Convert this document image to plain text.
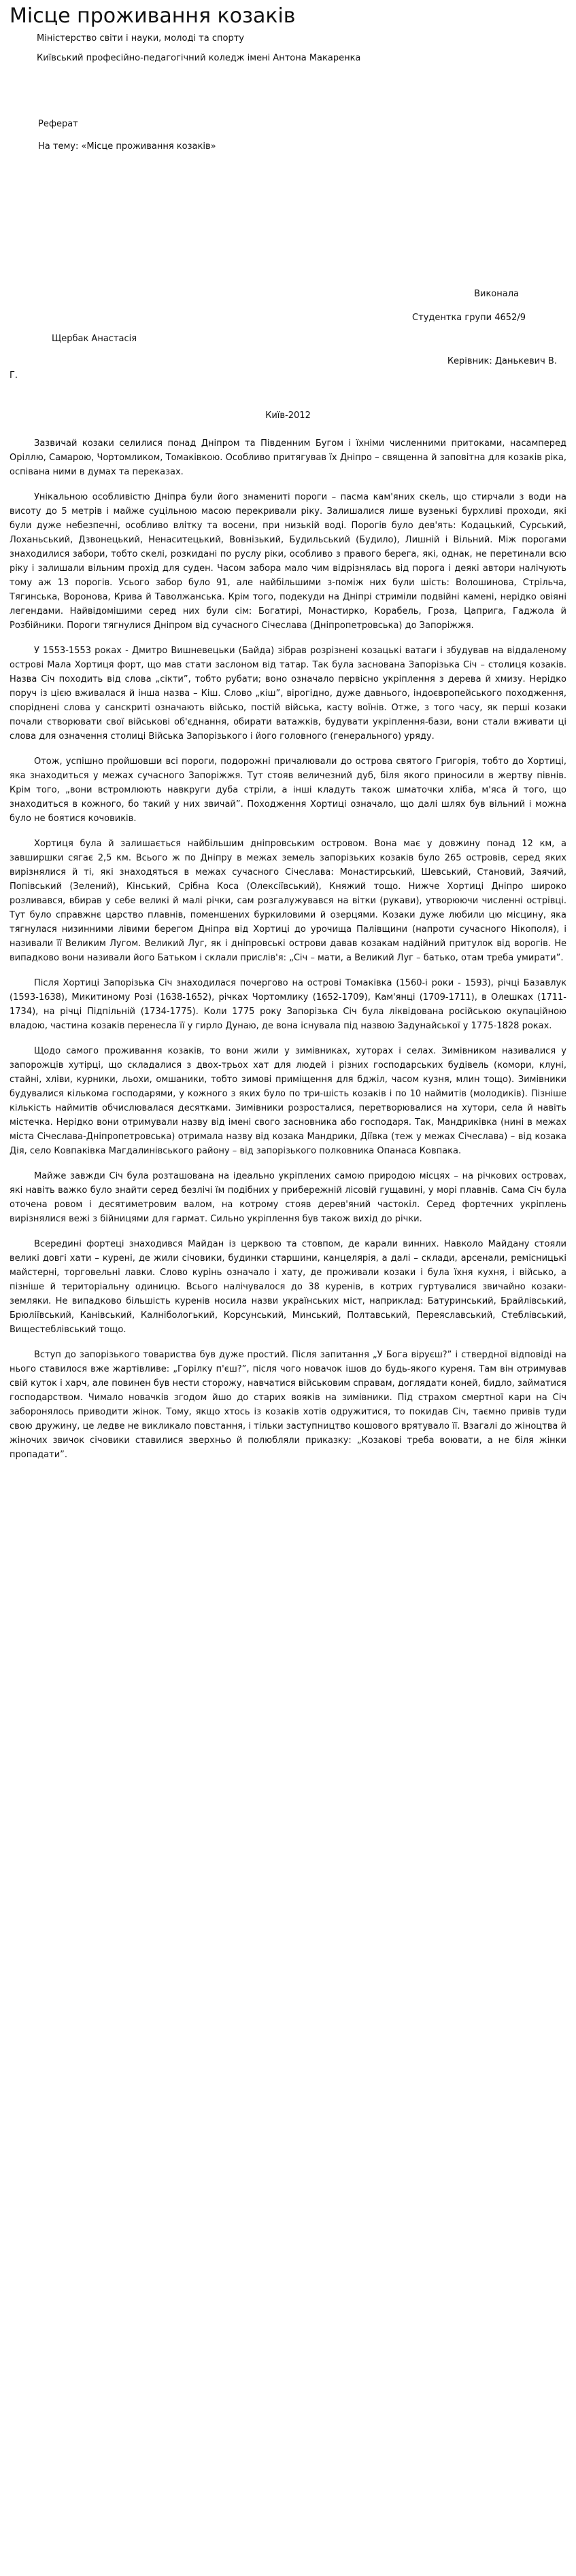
Місце проживання козаків
Міністерство світи і науки, молоді та спорту
Київський професійно-педагогічний коледж імені Антона Макаренка
Реферат
На тему: «Місце проживання козаків»
Виконала
Студентка групи 4652/9
Щербак Анастасія
Керівник: Данькевич В.
Г.
Київ-2012

Зазвичай козаки селилися понад Дніпром та Південним Бугом і їхніми численними притоками, насамперед Оріллю, Самарою, Чортомликом, Томаківкою. Особливо притягував їх Дніпро – священна й заповітна для козаків ріка, оспівана ними в думах та переказах.

Унікальною особливістю Дніпра були його знамениті пороги – пасма кам'яних скель, що стирчали з води на висоту до 5 метрів і майже суцільною масою перекривали ріку. Залишалися лише вузенькі бурхливі проходи, які були дуже небезпечні, особливо влітку та восени, при низькій воді. Порогів було дев'ять: Кодацький, Сурський, Лоханьський, Дзвонецький, Ненаситецький, Вовнізький, Будильський (Будило), Лишній і Вільний. Між порогами знаходилися забори, тобто скелі, розкидані по руслу ріки, особливо з правого берега, які, однак, не перетинали всю ріку і залишали вільним прохід для суден. Часом забора мало чим відрізнялась від порога і деякі автори налічують тому аж 13 порогів. Усього забор було 91, але найбільшими з-поміж них були шість: Волошинова, Стрільча, Тягинська, Воронова, Крива й Таволжанська. Крім того, подекуди на Дніпрі стриміли подвійні камені, нерідко овіяні легендами. Найвідомішими серед них були сім: Богатирі, Монастирко, Корабель, Гроза, Цаприга, Гаджола й Розбійники. Пороги тягнулися Дніпром від сучасного Січеслава (Дніпропетровська) до Запоріжжя.

У 1553-1553 роках - Дмитро Вишневецьки (Байда) зібрав розрізнені козацькі ватаги і збудував на віддаленому острові Мала Хортиця форт, що мав стати заслоном від татар. Так була заснована Запорізька Січ – столиця козаків. Назва Січ походить від слова „сікти”, тобто рубати; воно означало первісно укріплення з дерева й хмизу. Нерідко поруч із цією вживалася й інша назва – Кіш. Слово „кіш”, вірогідно, дуже давнього, індоєвропейського походження, споріднені слова у санскриті означають військо, постій війська, касту воїнів. Отже, з того часу, як перші козаки почали створювати свої військові об'єднання, обирати ватажків, будувати укріплення-бази, вони стали вживати ці слова для означення столиці Війська Запорізького і його головного (генерального) уряду.

Отож, успішно пройшовши всі пороги, подорожні причалювали до острова святого Григорія, тобто до Хортиці, яка знаходиться у межах сучасного Запоріжжя. Тут стояв величезний дуб, біля якого приносили в жертву півнів. Крім того, „вони встромлюють навкруги дуба стріли, а інші кладуть також шматочки хліба, м'яса й того, що знаходиться в кожного, бо такий у них звичай”. Походження Хортиці означало, що далі шлях був вільний і можна було не боятися кочовиків.

Хортиця була й залишається найбільшим дніпровським островом. Вона має у довжину понад 12 км, а завширшки сягає 2,5 км. Всього ж по Дніпру в межах земель запорізьких козаків було 265 островів, серед яких вирізнялися й ті, які знаходяться в межах сучасного Січеслава: Монастирський, Шевський, Становий, Заячий, Попівський (Зелений), Кінський, Срібна Коса (Олексіївський), Княжий тощо. Нижче Хортиці Дніпро широко розливався, вбирав у себе великі й малі річки, сам розгалужувався на вітки (рукави), утворюючи численні острівці. Тут було справжнє царство плавнів, поменшених буркиловими й озерцями. Козаки дуже любили цю місцину, яка тягнулася низинними лівими берегом Дніпра від Хортиці до урочища Палівщини (напроти сучасного Нікополя), і називали її Великим Лугом. Великий Луг, як і дніпровські острови давав козакам надійний притулок від ворогів. Не випадково вони називали його Батьком і склали прислів'я: „Січ – мати, а Великий Луг – батько, отам треба умирати”.

Після Хортиці Запорізька Січ знаходилася почергово на острові Томаківка (1560-і роки - 1593), річці Базавлук (1593-1638), Микитиному Розі (1638-1652), річках Чортомлику (1652-1709), Кам'янці (1709-1711), в Олешках (1711-1734), на річці Підпільній (1734-1775). Коли 1775 року Запорізька Січ була ліквідована російською окупаційною владою, частина козаків перенесла її у гирло Дунаю, де вона існувала під назвою Задунайської у 1775-1828 роках.

Щодо самого проживання козаків, то вони жили у зимівниках, хуторах і селах. Зимівником називалися у запорожців хутірці, що складалися з двох-трьох хат для людей і різних господарських будівель (комори, клуні, стайні, хліви, курники, льохи, омшаники, тобто зимові приміщення для бджіл, часом кузня, млин тощо). Зимівники будувалися кількома господарями, у кожного з яких було по три-шість козаків і по 10 наймитів (молодиків). Пізніше кількість наймитів обчислювалася десятками. Зимівники розросталися, перетворювалися на хутори, села й навіть містечка. Нерідко вони отримували назву від імені свого засновника або господаря. Так, Мандриківка (нині в межах міста Січеслава-Дніпропетровська) отримала назву від козака Мандрики, Дiївка (теж у межах Січеслава) – від козака Дія, село Ковпаківка Магдалинівського району – від запорізького полковника Опанаса Ковпака.

Майже завжди Січ була розташована на ідеально укріплених самою природою місцях – на річкових островах, які навіть важко було знайти серед безлічі їм подібних у прибережній лісовій гущавині, у морі плавнів. Сама Січ була оточена ровом і десятиметровим валом, на котрому стояв дерев'яний частокіл. Серед фортечних укріплень вирізнялися вежі з бійницями для гармат. Сильно укріплення був також вихід до річки.

Всередині фортеці знаходився Майдан із церквою та стовпом, де карали винних. Навколо Майдану стояли великі довгі хати – курені, де жили січовики, будинки старшини, канцелярія, а далі – склади, арсенали, ремісницькі майстерні, торговельні лавки. Слово курінь означало і хату, де проживали козаки і була їхня кухня, і військо, а пізніше й територіальну одиницю. Всього налічувалося до 38 куренів, в котрих гуртувалися звичайно козаки-земляки. Не випадково більшість куренів носила назви українських міст, наприклад: Батуринський, Брайлівський, Брюліївський, Канівський, Калнібологький, Корсунський, Минський, Полтавський, Переяславський, Стеблівський, Вищестеблівський тощо.

Вступ до запорізького товариства був дуже простий. Після запитання „У Бога віруєш?” і ствердної відповіді на нього ставилося вже жартівливе: „Горілку п'єш?”, після чого новачок ішов до будь-якого куреня. Там він отримував свій куток і харч, але повинен був нести сторожу, навчатися військовим справам, доглядати коней, бидло, займатися господарством. Чимало новачків згодом йшо до старих вояків на зимівники. Під страхом смертної кари на Січ заборонялось приводити жінок. Тому, якщо хтось із козаків хотів одружитися, то покидав Січ, таємно привів туди свою дружину, це ледве не викликало повстання, і тільки заступництво кошового врятувало її. Взагалі до жіноцтва й жіночих звичок січовики ставилися зверхньо й полюбляли приказку: „Козакові треба воювати, а не біля жінки пропадати”.
